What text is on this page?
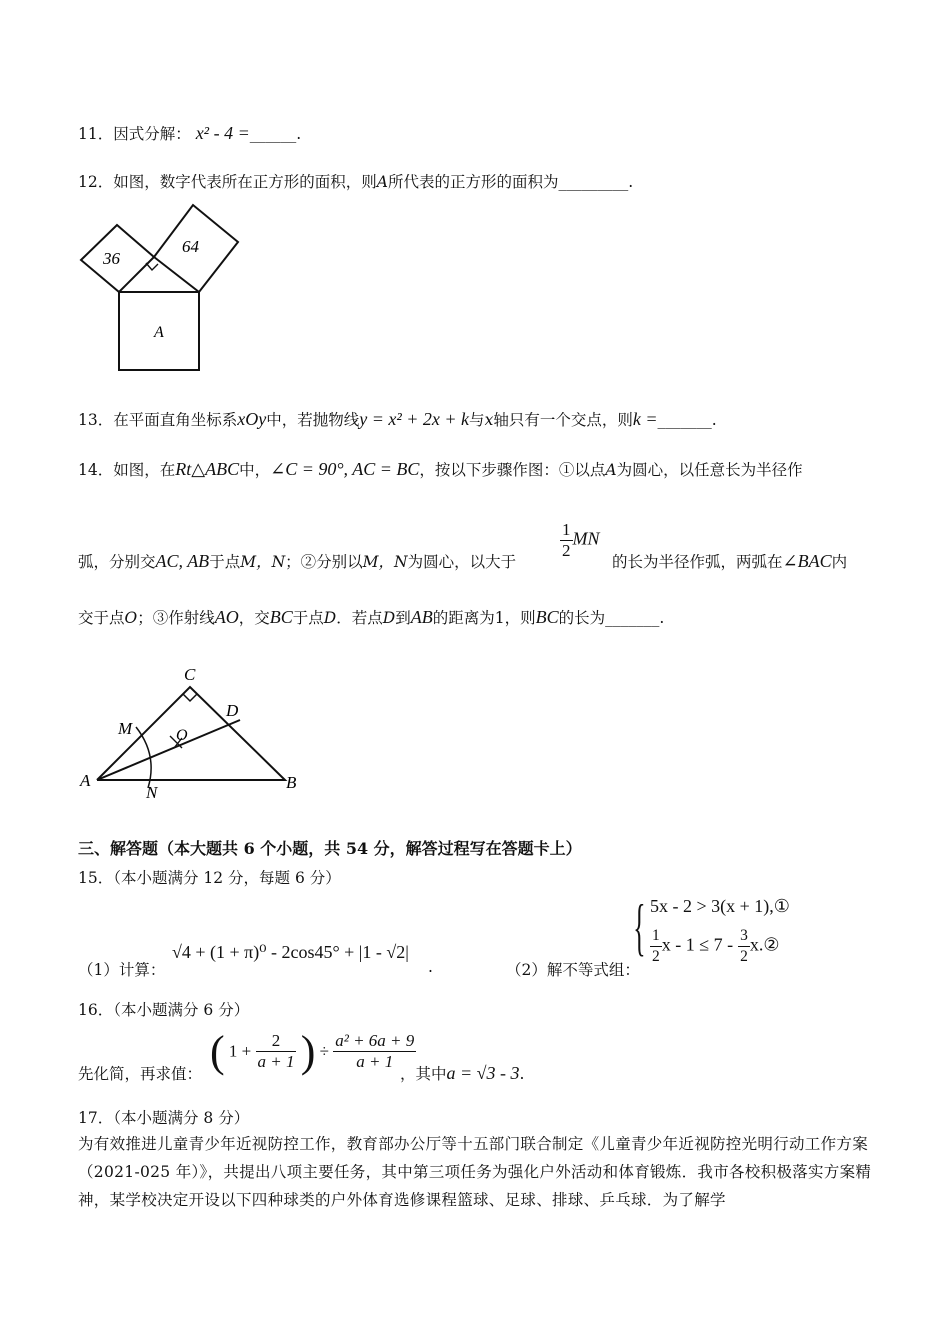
11．因式分解： x² - 4 =______.
12．如图，数字代表所在正方形的面积，则A所代表的正方形的面积为_________.
36
64
A
13．在平面直角坐标系xOy中，若抛物线y = x² + 2x + k与x轴只有一个交点，则k =_______.
14．如图，在Rt△ABC中，∠C = 90°, AC = BC，按以下步骤作图：①以点A为圆心，以任意长为半径作
$\frac{1}{2}$ MN
弧，分别交AC, AB于点M，N；②分别以M，N为圆心，以大于	的长为半径作弧，两弧在∠BAC内
交于点O；③作射线AO，交BC于点D．若点D到AB的距离为1，则BC的长为_______.
C
D
M	O
A
N
B
三、解答题（本大题共 6 个小题，共 54 分，解答过程写在答题卡上）
15．（本小题满分 12 分，每题 6 分）
（1）计算：
√4 + (1 + π)⁰ - 2cos45° + |1 - √2|
.	（2）解不等式组：
{ 5x - 2 > 3(x + 1),①
$\frac{1}{2}$ $x - 1 \le 7 - \frac{3}{2}$ x.②
16．（本小题满分 6 分）
先化简，再求值： ( $1 + \frac{2}{a + 1}$ ) ÷ $\frac{\text{a² + 6a + 9}}{a + 1}$
，其中a = √3 - 3.
17．（本小题满分 8 分）
为有效推进儿童青少年近视防控工作，教育部办公厅等十五部门联合制定《儿童青少年近视防控光明行动工作方案（2021-025 年）》，共提出八项主要任务，其中第三项任务为强化户外活动和体育锻炼．我市各校积极落实方案精神，某学校决定开设以下四种球类的户外体育选修课程篮球、足球、排球、乒乓球．为了解学
